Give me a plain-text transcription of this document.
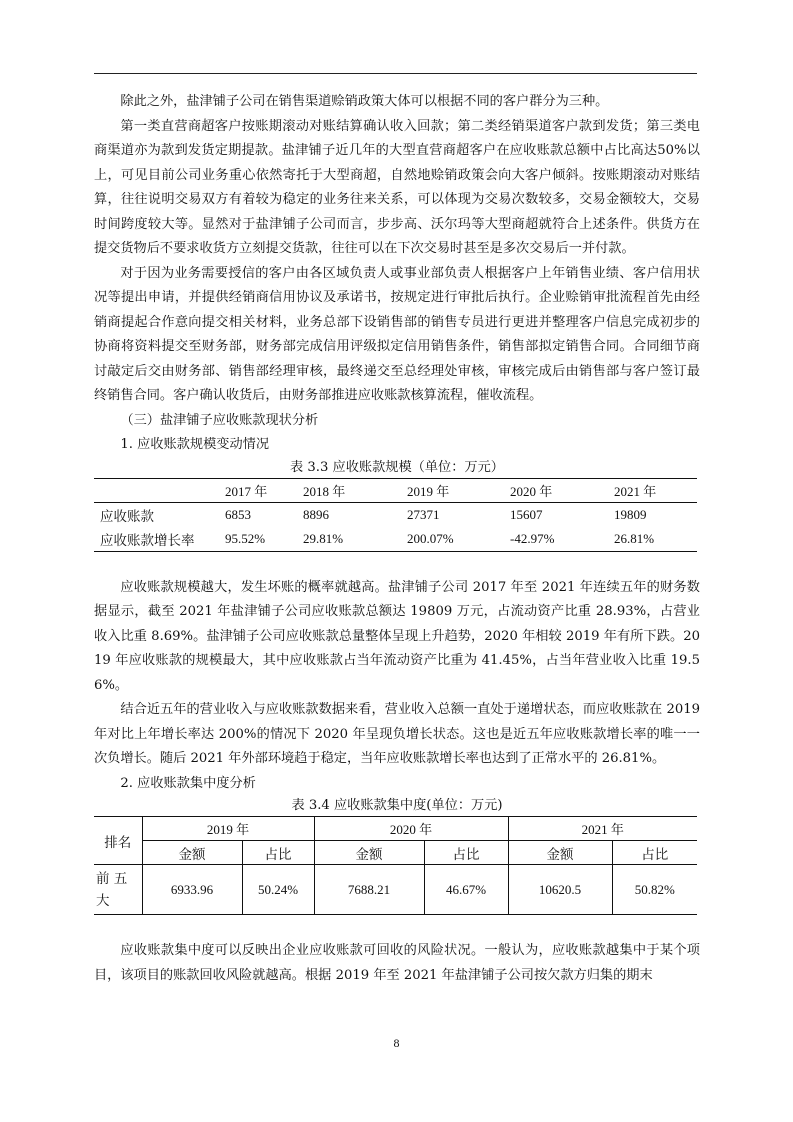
除此之外，盐津铺子公司在销售渠道赊销政策大体可以根据不同的客户群分为三种。

第一类直营商超客户按账期滚动对账结算确认收入回款；第二类经销渠道客户款到发货；第三类电商渠道亦为款到发货定期提款。盐津铺子近几年的大型直营商超客户在应收账款总额中占比高达50%以上，可见目前公司业务重心依然寄托于大型商超，自然地赊销政策会向大客户倾斜。按账期滚动对账结算，往往说明交易双方有着较为稳定的业务往来关系，可以体现为交易次数较多，交易金额较大，交易时间跨度较大等。显然对于盐津铺子公司而言，步步高、沃尔玛等大型商超就符合上述条件。供货方在提交货物后不要求收货方立刻提交货款，往往可以在下次交易时甚至是多次交易后一并付款。

对于因为业务需要授信的客户由各区域负责人或事业部负责人根据客户上年销售业绩、客户信用状况等提出申请，并提供经销商信用协议及承诺书，按规定进行审批后执行。企业赊销审批流程首先由经销商提起合作意向提交相关材料，业务总部下设销售部的销售专员进行更进并整理客户信息完成初步的协商将资料提交至财务部，财务部完成信用评级拟定信用销售条件，销售部拟定销售合同。合同细节商讨敲定后交由财务部、销售部经理审核，最终递交至总经理处审核，审核完成后由销售部与客户签订最终销售合同。客户确认收货后，由财务部推进应收账款核算流程，催收流程。

（三）盐津铺子应收账款现状分析

1. 应收账款规模变动情况

表 3.3 应收账款规模（单位：万元）

	2017 年	2018 年	2019 年	2020 年	2021 年
应收账款	6853	8896	27371	15607	19809
应收账款增长率	95.52%	29.81%	200.07%	-42.97%	26.81%

应收账款规模越大，发生坏账的概率就越高。盐津铺子公司 2017 年至 2021 年连续五年的财务数据显示，截至 2021 年盐津铺子公司应收账款总额达 19809 万元，占流动资产比重 28.93%，占营业收入比重 8.69%。盐津铺子公司应收账款总量整体呈现上升趋势，2020 年相较 2019 年有所下跌。2019 年应收账款的规模最大，其中应收账款占当年流动资产比重为 41.45%，占当年营业收入比重 19.56%。

结合近五年的营业收入与应收账款数据来看，营业收入总额一直处于递增状态，而应收账款在 2019 年对比上年增长率达 200%的情况下 2020 年呈现负增长状态。这也是近五年应收账款增长率的唯一一次负增长。随后 2021 年外部环境趋于稳定，当年应收账款增长率也达到了正常水平的 26.81%。

2. 应收账款集中度分析

表 3.4 应收账款集中度(单位：万元)

排名	2019 年		2020 年		2021 年	
	金额	占比	金额	占比	金额	占比
前 五 大	6933.96	50.24%	7688.21	46.67%	10620.5	50.82%

应收账款集中度可以反映出企业应收账款可回收的风险状况。一般认为，应收账款越集中于某个项目，该项目的账款回收风险就越高。根据 2019 年至 2021 年盐津铺子公司按欠款方归集的期末

8
